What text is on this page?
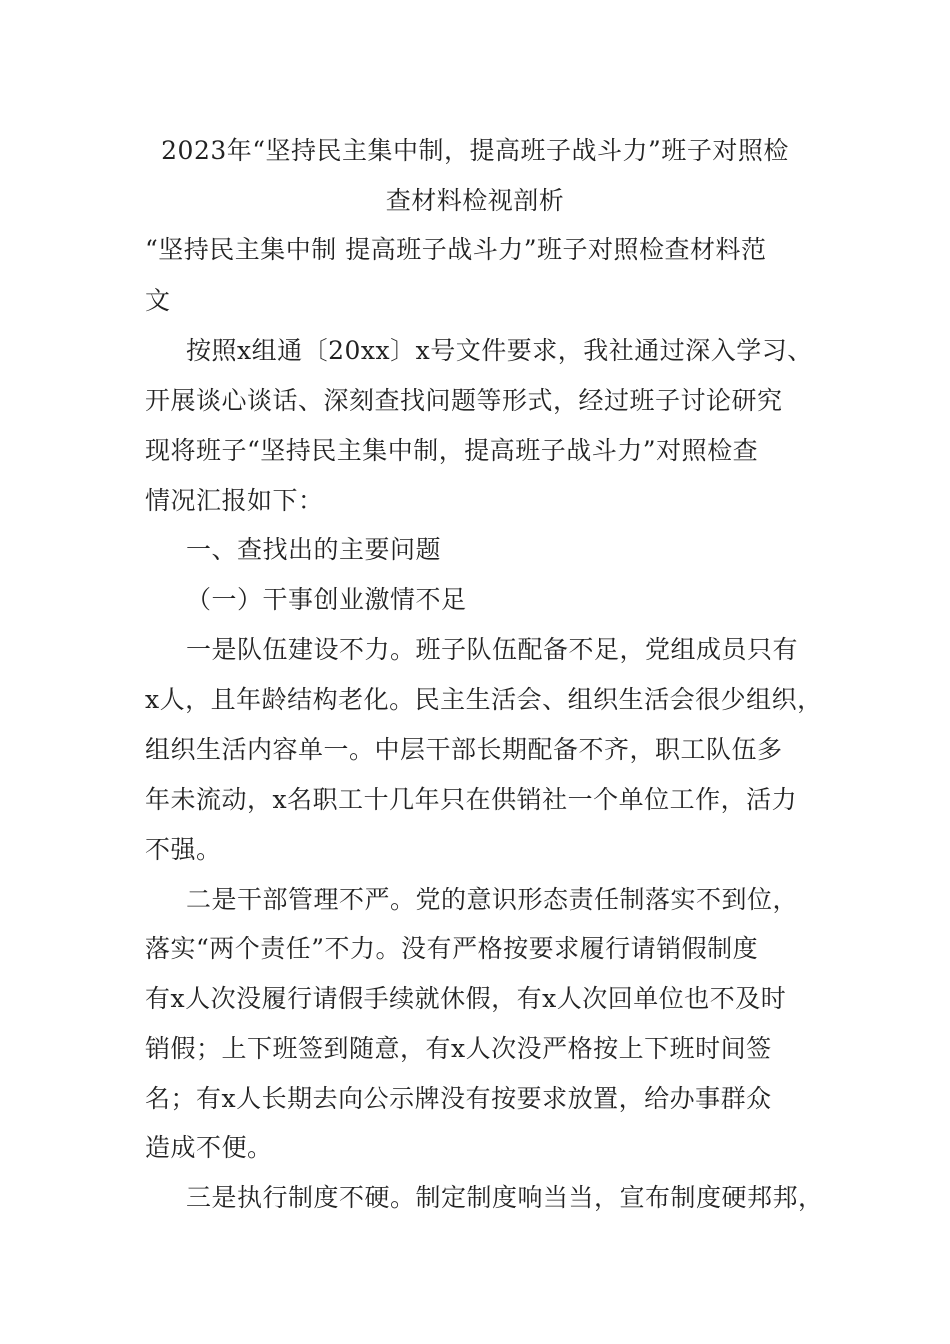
2023年“坚持民主集中制，提高班子战斗力”班子对照检
查材料检视剖析
“坚持民主集中制 提高班子战斗力”班子对照检查材料范
文
按照x组通〔20xx〕x号文件要求，我社通过深入学习、
开展谈心谈话、深刻查找问题等形式，经过班子讨论研究
现将班子“坚持民主集中制，提高班子战斗力”对照检查
情况汇报如下：
一、查找出的主要问题
（一）干事创业激情不足
一是队伍建设不力。班子队伍配备不足，党组成员只有
x人，且年龄结构老化。民主生活会、组织生活会很少组织，
组织生活内容单一。中层干部长期配备不齐，职工队伍多
年未流动，x名职工十几年只在供销社一个单位工作，活力
不强。
二是干部管理不严。党的意识形态责任制落实不到位，
落实“两个责任”不力。没有严格按要求履行请销假制度
有x人次没履行请假手续就休假，有x人次回单位也不及时
销假；上下班签到随意，有x人次没严格按上下班时间签
名；有x人长期去向公示牌没有按要求放置，给办事群众
造成不便。
三是执行制度不硬。制定制度响当当，宣布制度硬邦邦，
